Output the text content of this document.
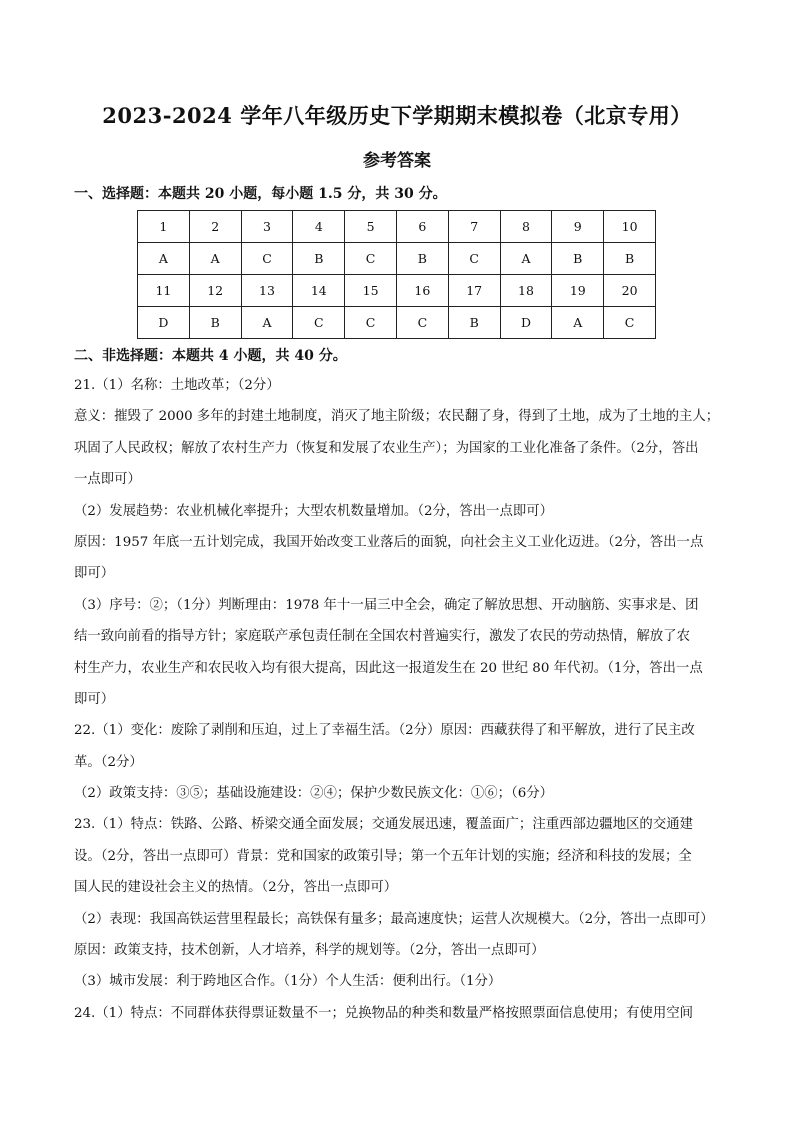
2023-2024 学年八年级历史下学期期末模拟卷（北京专用）
参考答案
一、选择题：本题共 20 小题，每小题 1.5 分，共 30 分。
1	2	3	4	5	6	7	8	9	10
A	A	C	B	C	B	C	A	B	B
11	12	13	14	15	16	17	18	19	20
D	B	A	C	C	C	B	D	A	C
二、非选择题：本题共 4 小题，共 40 分。
21.（1）名称：土地改革；（2分）
意义：摧毁了 2000 多年的封建土地制度，消灭了地主阶级；农民翻了身，得到了土地，成为了土地的主人；
巩固了人民政权；解放了农村生产力（恢复和发展了农业生产）；为国家的工业化准备了条件。（2分，答出
一点即可）
（2）发展趋势：农业机械化率提升；大型农机数量增加。（2分，答出一点即可）
原因：1957 年底一五计划完成，我国开始改变工业落后的面貌，向社会主义工业化迈进。（2分，答出一点
即可）
（3）序号：②；（1分）判断理由：1978 年十一届三中全会，确定了解放思想、开动脑筋、实事求是、团
结一致向前看的指导方针；家庭联产承包责任制在全国农村普遍实行，激发了农民的劳动热情，解放了农
村生产力，农业生产和农民收入均有很大提高，因此这一报道发生在 20 世纪 80 年代初。（1分，答出一点
即可）
22.（1）变化：废除了剥削和压迫，过上了幸福生活。（2分）原因：西藏获得了和平解放，进行了民主改
革。（2分）
（2）政策支持：③⑤；基础设施建设：②④；保护少数民族文化：①⑥；（6分）
23.（1）特点：铁路、公路、桥梁交通全面发展；交通发展迅速，覆盖面广；注重西部边疆地区的交通建
设。（2分，答出一点即可）背景：党和国家的政策引导；第一个五年计划的实施；经济和科技的发展；全
国人民的建设社会主义的热情。（2分，答出一点即可）
（2）表现：我国高铁运营里程最长；高铁保有量多；最高速度快；运营人次规模大。（2分，答出一点即可）
原因：政策支持，技术创新，人才培养，科学的规划等。（2分，答出一点即可）
（3）城市发展：利于跨地区合作。（1分）个人生活：便利出行。（1分）
24.（1）特点：不同群体获得票证数量不一；兑换物品的种类和数量严格按照票面信息使用；有使用空间
